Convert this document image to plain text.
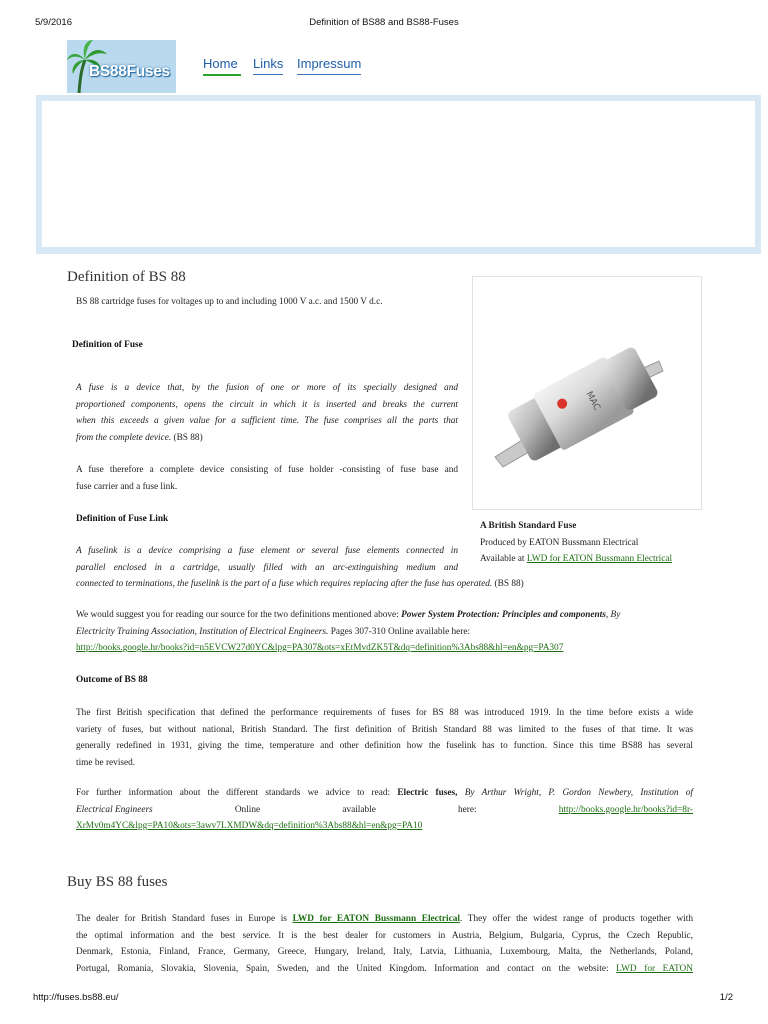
5/9/2016	Definition of BS88 and BS88-Fuses
BS88Fuses	Home Links Impressum
Definition of BS 88
BS 88 cartridge fuses for voltages up to and including 1000 V a.c. and 1500 V d.c.
Definition of Fuse
A fuse is a device that, by the fusion of one or more of its specially designed and
proportioned components, opens the circuit in which it is inserted and breaks the current
when this exceeds a given value for a sufficient time. The fuse comprises all the parts that
from the complete device. (BS 88)
A fuse therefore a complete device consisting of fuse holder -consisting of fuse base and
fuse carrier and a fuse link.
Definition of Fuse Link
A fuselink is a device comprising a fuse element or several fuse elements connected in
parallel enclosed in a cartridge, usually filled with an arc-extinguishing medium and
connected to terminations, the fuselink is the part of a fuse which requires replacing after the fuse has operated. (BS 88)
We would suggest you for reading our source for the two definitions mentioned above: Power System Protection: Principles and components, By
Electricity Training Association, Institution of Electrical Engineers. Pages 307-310 Online available here:
http://books.google.hr/books?id=n5EVCW27d0YC&lpg=PA307&ots=xEtMvdZK5T&dq=definition%3Abs88&hl=en&pg=PA307
Outcome of BS 88
The first British specification that defined the performance requirements of fuses for BS 88 was introduced 1919. In the time before exists a wide
variety of fuses, but without national, British Standard. The first definition of British Standard 88 was limited to the fuses of that time. It was
generally redefined in 1931, giving the time, temperature and other definition how the fuselink has to function. Since this time BS88 has several
time be revised.
For further information about the different standards we advice to read: Electric fuses, By Arthur Wright, P. Gordon Newbery, Institution of
Electrical Engineers	Online	available	here:	http://books.google.hr/books?id=8r-
XrMv0m4YC&lpg=PA10&ots=3awv7LXMDW&dq=definition%3Abs88&hl=en&pg=PA10
MAC
A British Standard Fuse
Produced by EATON Bussmann Electrical
Available at LWD for EATON Bussmann Electrical
Buy BS 88 fuses
The dealer for British Standard fuses in Europe is LWD for EATON Bussmann Electrical. They offer the widest range of products together with
the optimal information and the best service. It is the best dealer for customers in Austria, Belgium, Bulgaria, Cyprus, the Czech Republic,
Denmark, Estonia, Finland, France, Germany, Greece, Hungary, Ireland, Italy, Latvia, Lithuania, Luxembourg, Malta, the Netherlands, Poland,
Portugal, Romania, Slovakia, Slovenia, Spain, Sweden, and the United Kingdom. Information and contact on the website: LWD for EATON
http://fuses.bs88.eu/	1/2
